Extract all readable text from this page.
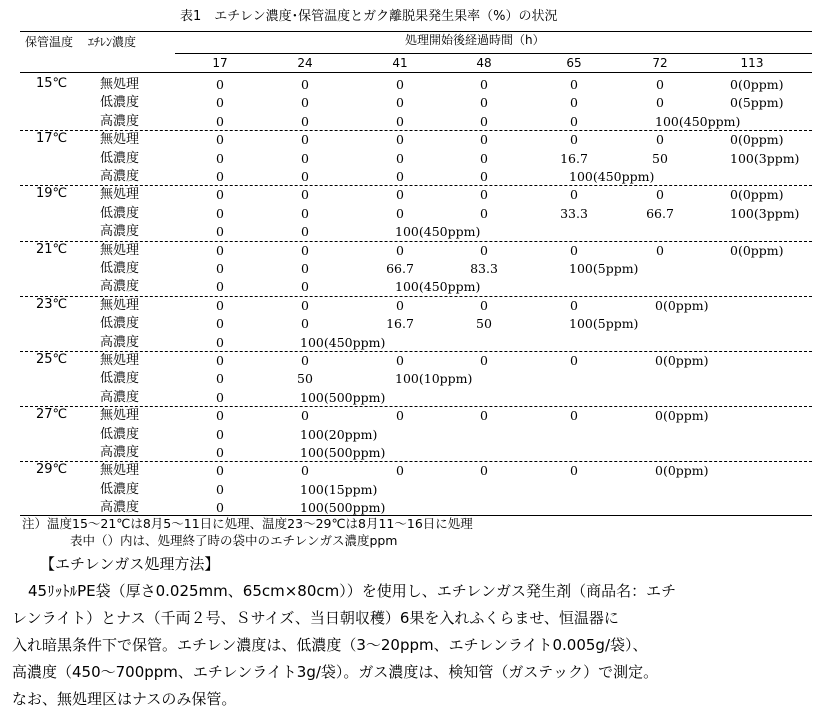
表1　エチレン濃度･保管温度とガク離脱果発生果率（%）の状況
保管温度 ｴﾁﾚﾝ濃度	処理開始後経過時間（h）
17	24	41	48	65	72	113
15℃	無処理	0	0	0	0	0	0	0(0ppm)
低濃度	0	0	0	0	0	0	0(5ppm)
高濃度	0	0	0	0	0	100(450ppm)
17℃	無処理	0	0	0	0	0	0	0(0ppm)
低濃度	0	0	0	0	16.7	50	100(3ppm)
高濃度	0	0	0	0	100(450ppm)
19℃	無処理	0	0	0	0	0	0	0(0ppm)
低濃度	0	0	0	0	33.3	66.7	100(3ppm)
高濃度	0	0	100(450ppm)
21℃	無処理	0	0	0	0	0	0	0(0ppm)
低濃度	0	0	66.7	83.3	100(5ppm)
高濃度	0	0	100(450ppm)
23℃	無処理	0	0	0	0	0	0(0ppm)
低濃度	0	0	16.7	50	100(5ppm)
高濃度	0	100(450ppm)
25℃	無処理	0	0	0	0	0	0(0ppm)
低濃度	0	50	100(10ppm)
高濃度	0	100(500ppm)
27℃	無処理	0	0	0	0	0	0(0ppm)
低濃度	0	100(20ppm)
高濃度	0	100(500ppm)
29℃	無処理	0	0	0	0	0	0(0ppm)
低濃度	0	100(15ppm)
高濃度	0	100(500ppm)
注）温度15～21℃は8月5～11日に処理、温度23～29℃は8月11～16日に処理
表中（）内は、処理終了時の袋中のエチレンガス濃度ppm
【エチレンガス処理方法】
45ﾘｯﾄﾙPE袋（厚さ0.025mm、65cm×80cm））を使用し、エチレンガス発生剤（商品名：エチ
レンライト）とナス（千両２号、Ｓサイズ、当日朝収穫）6果を入れふくらませ、恒温器に
入れ暗黒条件下で保管。エチレン濃度は、低濃度（3～20ppm、エチレンライト0.005g/袋）、
高濃度（450～700ppm、エチレンライト3g/袋）。ガス濃度は、検知管（ガステック）で測定。
なお、無処理区はナスのみ保管。
